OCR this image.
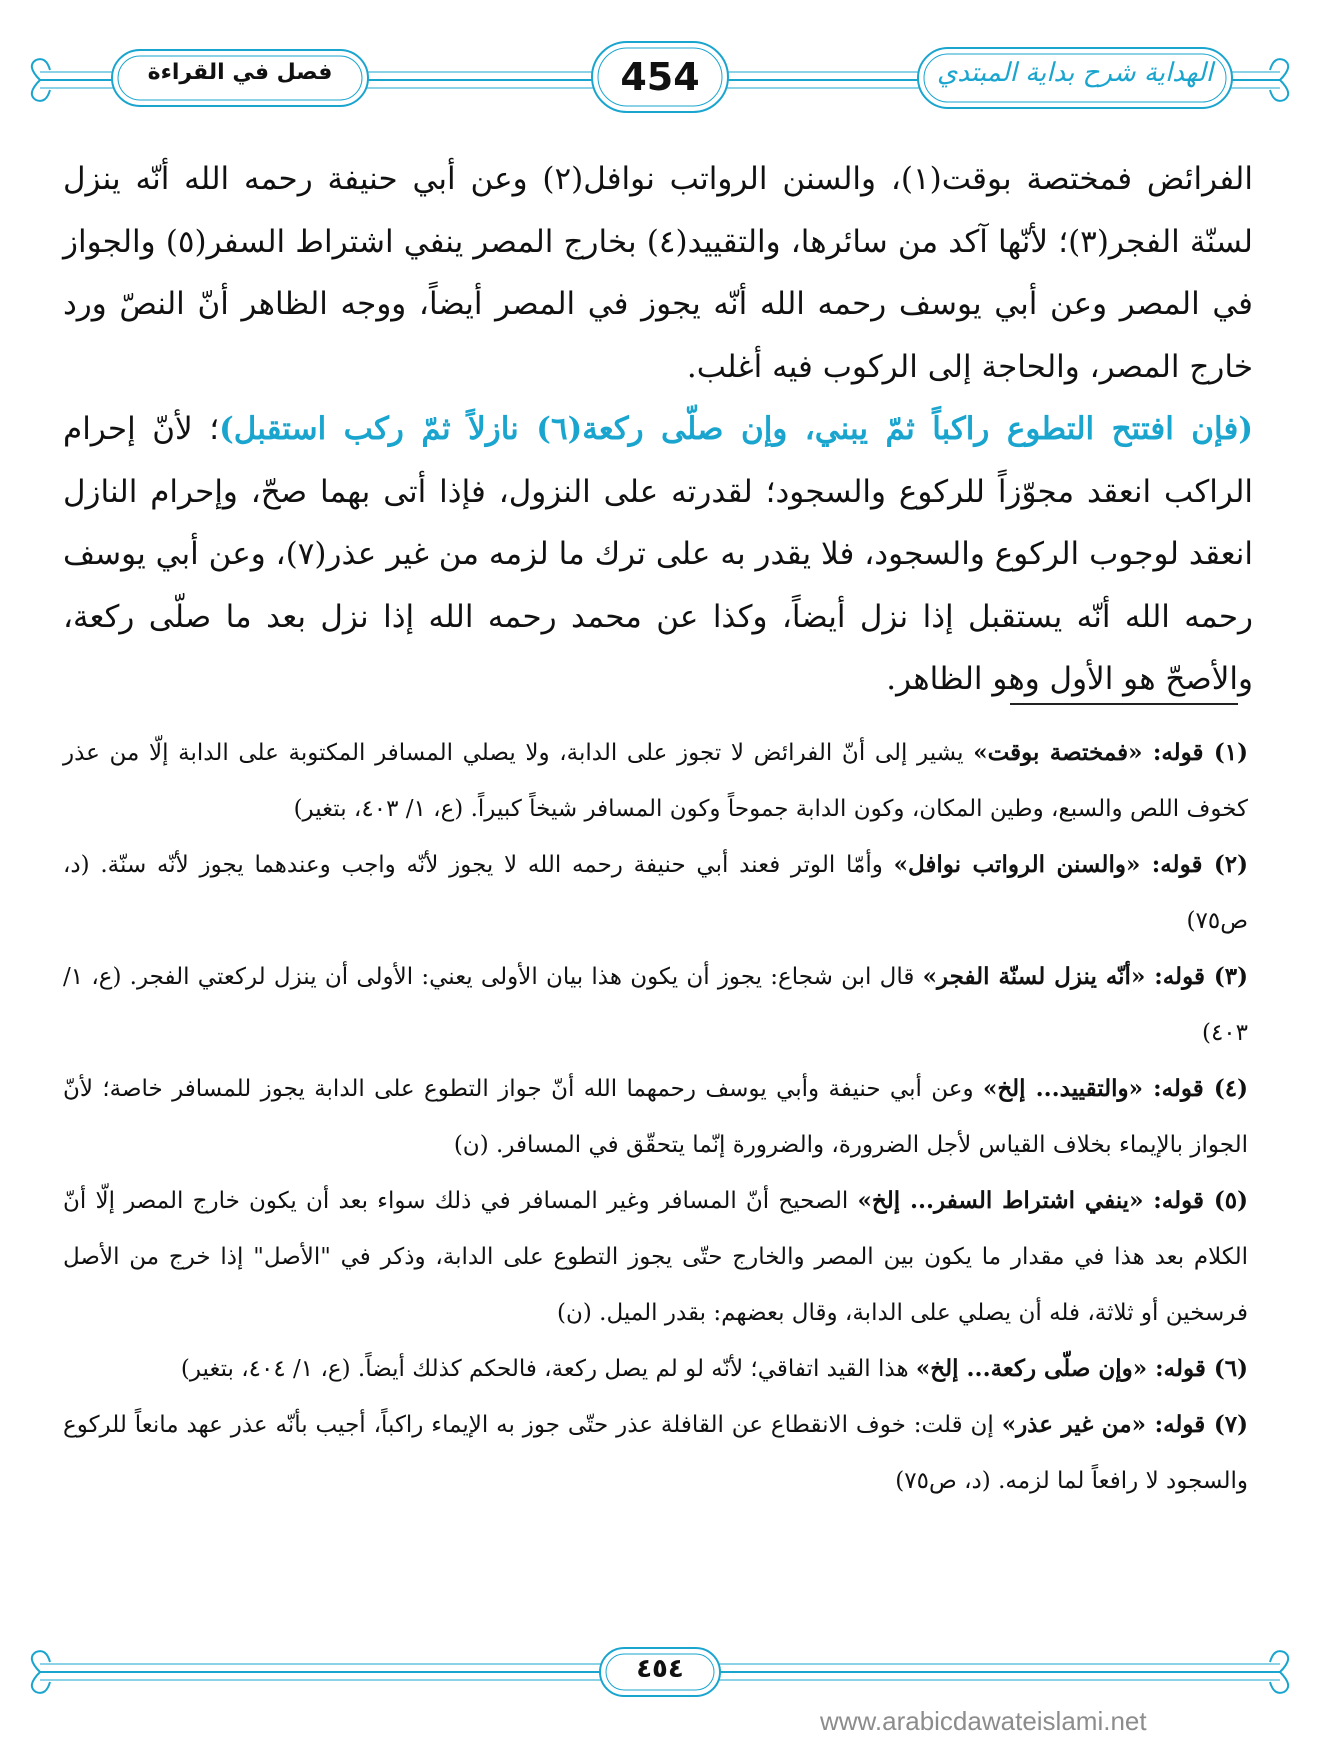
فصل في القراءة	454	الهداية شرح بداية المبتدي

الفرائض فمختصة بوقت(١)، والسنن الرواتب نوافل(٢) وعن أبي حنيفة رحمه الله أنّه ينزل لسنّة الفجر(٣)؛ لأنّها آكد من سائرها، والتقييد(٤) بخارج المصر ينفي اشتراط السفر(٥) والجواز في المصر وعن أبي يوسف رحمه الله أنّه يجوز في المصر أيضاً، ووجه الظاهر أنّ النصّ ورد خارج المصر، والحاجة إلى الركوب فيه أغلب.

(فإن افتتح التطوع راكباً ثمّ يبني، وإن صلّى ركعة(٦) نازلاً ثمّ ركب استقبل)؛ لأنّ إحرام الراكب انعقد مجوّزاً للركوع والسجود؛ لقدرته على النزول، فإذا أتى بهما صحّ، وإحرام النازل انعقد لوجوب الركوع والسجود، فلا يقدر به على ترك ما لزمه من غير عذر(٧)، وعن أبي يوسف رحمه الله أنّه يستقبل إذا نزل أيضاً، وكذا عن محمد رحمه الله إذا نزل بعد ما صلّى ركعة، والأصحّ هو الأول وهو الظاهر.

(١) قوله: «فمختصة بوقت» يشير إلى أنّ الفرائض لا تجوز على الدابة، ولا يصلي المسافر المكتوبة على الدابة إلّا من عذر كخوف اللص والسبع، وطين المكان، وكون الدابة جموحاً وكون المسافر شيخاً كبيراً. (ع، ١/ ٤٠٣، بتغير)

(٢) قوله: «والسنن الرواتب نوافل» وأمّا الوتر فعند أبي حنيفة رحمه الله لا يجوز لأنّه واجب وعندهما يجوز لأنّه سنّة. (د، ص٧٥)

(٣) قوله: «أنّه ينزل لسنّة الفجر» قال ابن شجاع: يجوز أن يكون هذا بيان الأولى يعني: الأولى أن ينزل لركعتي الفجر. (ع، ١/ ٤٠٣)

(٤) قوله: «والتقييد... إلخ» وعن أبي حنيفة وأبي يوسف رحمهما الله أنّ جواز التطوع على الدابة يجوز للمسافر خاصة؛ لأنّ الجواز بالإيماء بخلاف القياس لأجل الضرورة، والضرورة إنّما يتحقّق في المسافر. (ن)

(٥) قوله: «ينفي اشتراط السفر... إلخ» الصحيح أنّ المسافر وغير المسافر في ذلك سواء بعد أن يكون خارج المصر إلّا أنّ الكلام بعد هذا في مقدار ما يكون بين المصر والخارج حتّى يجوز التطوع على الدابة، وذكر في "الأصل" إذا خرج من الأصل فرسخين أو ثلاثة، فله أن يصلي على الدابة، وقال بعضهم: بقدر الميل. (ن)

(٦) قوله: «وإن صلّى ركعة... إلخ» هذا القيد اتفاقي؛ لأنّه لو لم يصل ركعة، فالحكم كذلك أيضاً. (ع، ١/ ٤٠٤، بتغير)

(٧) قوله: «من غير عذر» إن قلت: خوف الانقطاع عن القافلة عذر حتّى جوز به الإيماء راكباً، أجيب بأنّه عذر عهد مانعاً للركوع والسجود لا رافعاً لما لزمه. (د، ص٧٥)

٤٥٤
www.arabicdawateislami.net
